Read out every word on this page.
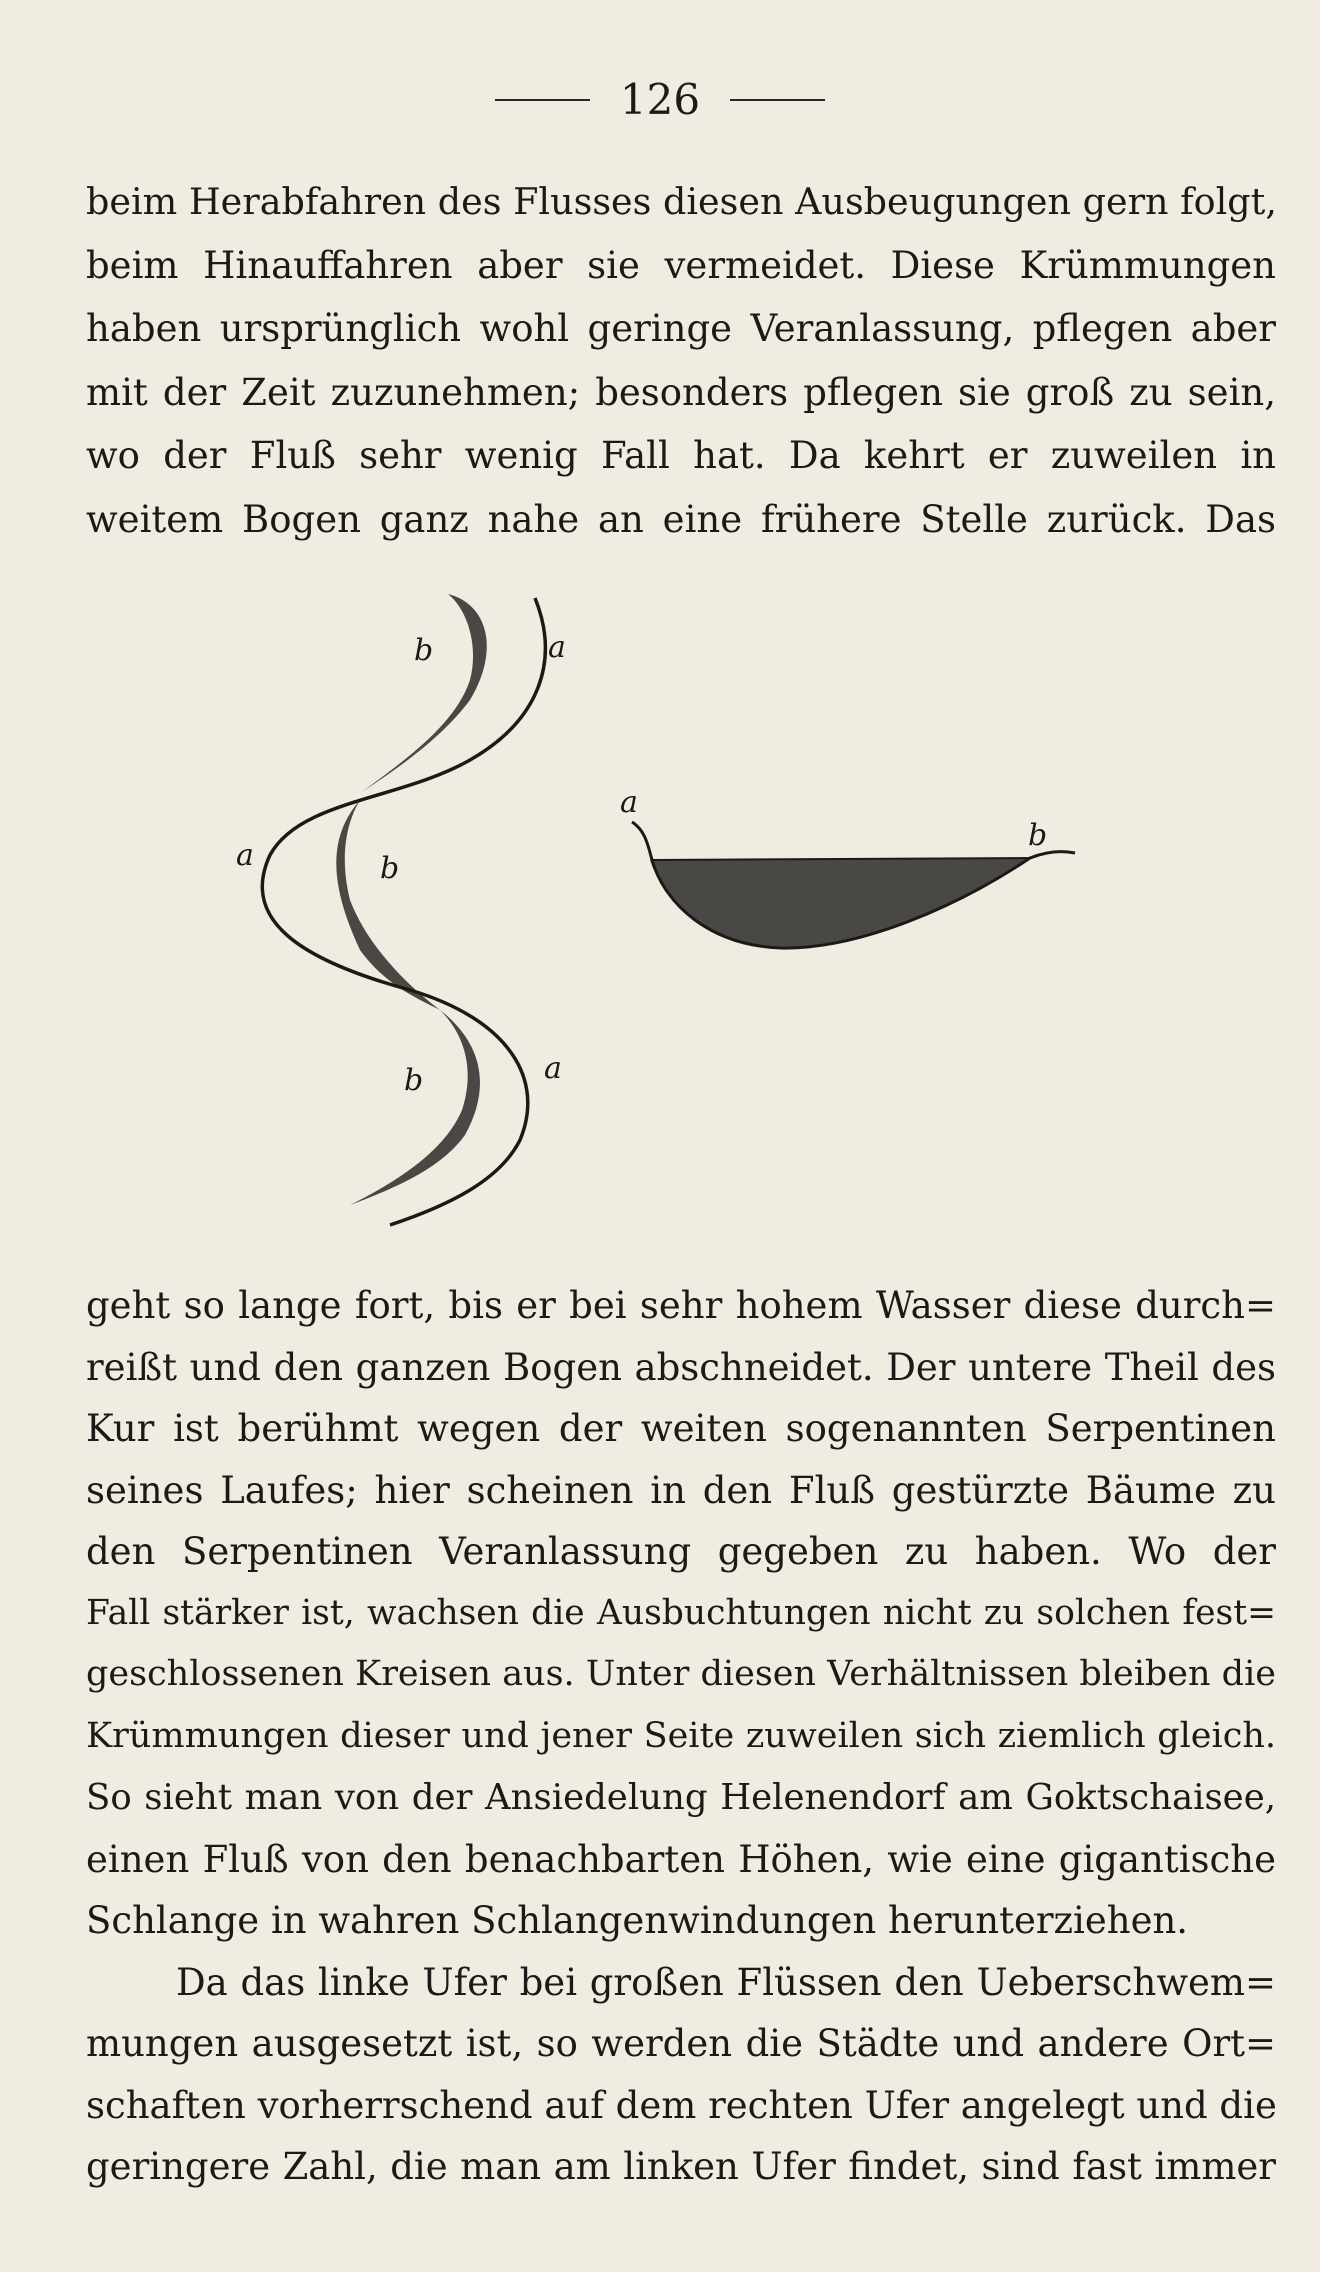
126
beim Herabfahren des Flusses diesen Ausbeugungen gern folgt,
beim Hinauffahren aber sie vermeidet. Diese Krümmungen
haben ursprünglich wohl geringe Veranlassung, pflegen aber
mit der Zeit zuzunehmen; besonders pflegen sie groß zu sein,
wo der Fluß sehr wenig Fall hat. Da kehrt er zuweilen in
weitem Bogen ganz nahe an eine frühere Stelle zurück. Das
b	a
a	b
b	a
a
b
geht so lange fort, bis er bei sehr hohem Wasser diese durch=
reißt und den ganzen Bogen abschneidet. Der untere Theil des
Kur ist berühmt wegen der weiten sogenannten Serpentinen
seines Laufes; hier scheinen in den Fluß gestürzte Bäume zu
den Serpentinen Veranlassung gegeben zu haben. Wo der
Fall stärker ist, wachsen die Ausbuchtungen nicht zu solchen fest=
geschlossenen Kreisen aus. Unter diesen Verhältnissen bleiben die
Krümmungen dieser und jener Seite zuweilen sich ziemlich gleich.
So sieht man von der Ansiedelung Helenendorf am Goktschaisee,
einen Fluß von den benachbarten Höhen, wie eine gigantische
Schlange in wahren Schlangenwindungen herunterziehen.
Da das linke Ufer bei großen Flüssen den Ueberschwem=
mungen ausgesetzt ist, so werden die Städte und andere Ort=
schaften vorherrschend auf dem rechten Ufer angelegt und die
geringere Zahl, die man am linken Ufer findet, sind fast immer
